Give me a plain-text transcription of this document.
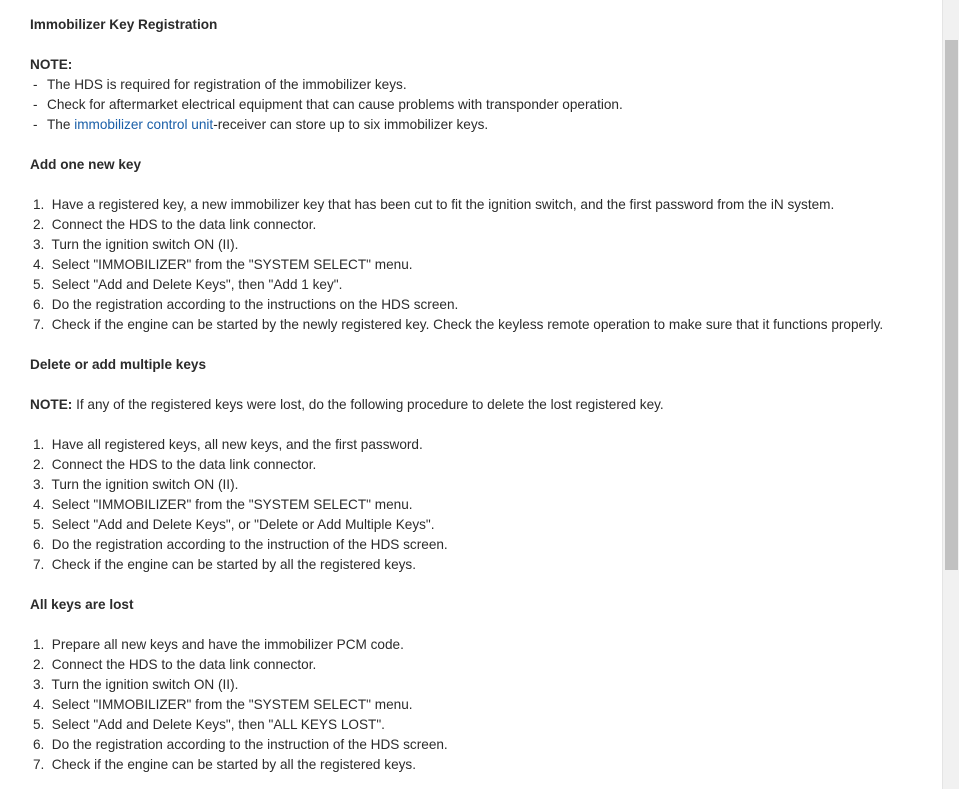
Immobilizer Key Registration
NOTE:
- The HDS is required for registration of the immobilizer keys.
- Check for aftermarket electrical equipment that can cause problems with transponder operation.
- The immobilizer control unit-receiver can store up to six immobilizer keys.
Add one new key
1. Have a registered key, a new immobilizer key that has been cut to fit the ignition switch, and the first password from the iN system.
2. Connect the HDS to the data link connector.
3. Turn the ignition switch ON (II).
4. Select "IMMOBILIZER" from the "SYSTEM SELECT" menu.
5. Select "Add and Delete Keys", then "Add 1 key".
6. Do the registration according to the instructions on the HDS screen.
7. Check if the engine can be started by the newly registered key. Check the keyless remote operation to make sure that it functions properly.
Delete or add multiple keys
NOTE: If any of the registered keys were lost, do the following procedure to delete the lost registered key.
1. Have all registered keys, all new keys, and the first password.
2. Connect the HDS to the data link connector.
3. Turn the ignition switch ON (II).
4. Select "IMMOBILIZER" from the "SYSTEM SELECT" menu.
5. Select "Add and Delete Keys", or "Delete or Add Multiple Keys".
6. Do the registration according to the instruction of the HDS screen.
7. Check if the engine can be started by all the registered keys.
All keys are lost
1. Prepare all new keys and have the immobilizer PCM code.
2. Connect the HDS to the data link connector.
3. Turn the ignition switch ON (II).
4. Select "IMMOBILIZER" from the "SYSTEM SELECT" menu.
5. Select "Add and Delete Keys", then "ALL KEYS LOST".
6. Do the registration according to the instruction of the HDS screen.
7. Check if the engine can be started by all the registered keys.
